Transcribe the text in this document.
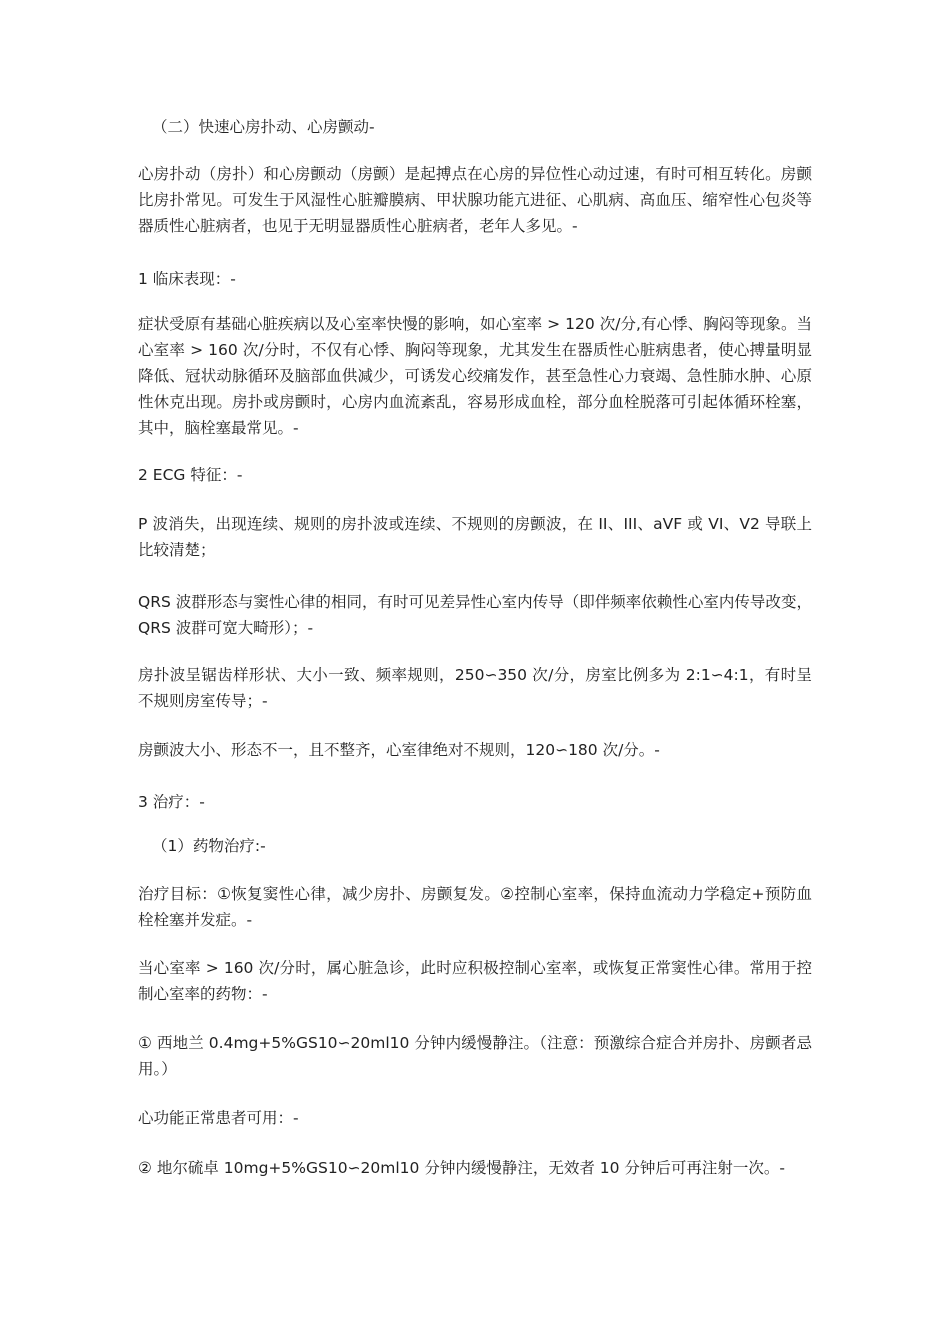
（二）快速心房扑动、心房颤动-

心房扑动（房扑）和心房颤动（房颤）是起搏点在心房的异位性心动过速，有时可相互转化。房颤比房扑常见。可发生于风湿性心脏瓣膜病、甲状腺功能亢进征、心肌病、高血压、缩窄性心包炎等器质性心脏病者，也见于无明显器质性心脏病者，老年人多见。-

1 临床表现：-

症状受原有基础心脏疾病以及心室率快慢的影响，如心室率 > 120 次/分,有心悸、胸闷等现象。当心室率 > 160 次/分时，不仅有心悸、胸闷等现象，尤其发生在器质性心脏病患者，使心搏量明显降低、冠状动脉循环及脑部血供减少，可诱发心绞痛发作，甚至急性心力衰竭、急性肺水肿、心原性休克出现。房扑或房颤时，心房内血流紊乱，容易形成血栓，部分血栓脱落可引起体循环栓塞，其中，脑栓塞最常见。-

2 ECG 特征：-

P 波消失，出现连续、规则的房扑波或连续、不规则的房颤波，在 II、III、aVF 或 VI、V2 导联上比较清楚；

QRS 波群形态与窦性心律的相同，有时可见差异性心室内传导（即伴频率依赖性心室内传导改变，QRS 波群可宽大畸形）；-

房扑波呈锯齿样形状、大小一致、频率规则，250∽350 次/分，房室比例多为 2:1∽4:1，有时呈不规则房室传导；-

房颤波大小、形态不一，且不整齐，心室律绝对不规则，120∽180 次/分。-

3 治疗：-

（1）药物治疗:-

治疗目标：①恢复窦性心律，减少房扑、房颤复发。②控制心室率，保持血流动力学稳定+预防血栓栓塞并发症。-

当心室率 > 160 次/分时，属心脏急诊，此时应积极控制心室率，或恢复正常窦性心律。常用于控制心室率的药物：-

① 西地兰 0.4mg+5%GS10∽20ml10 分钟内缓慢静注。（注意：预激综合症合并房扑、房颤者忌用。）

心功能正常患者可用：-

② 地尔硫卓 10mg+5%GS10∽20ml10 分钟内缓慢静注，无效者 10 分钟后可再注射一次。-
